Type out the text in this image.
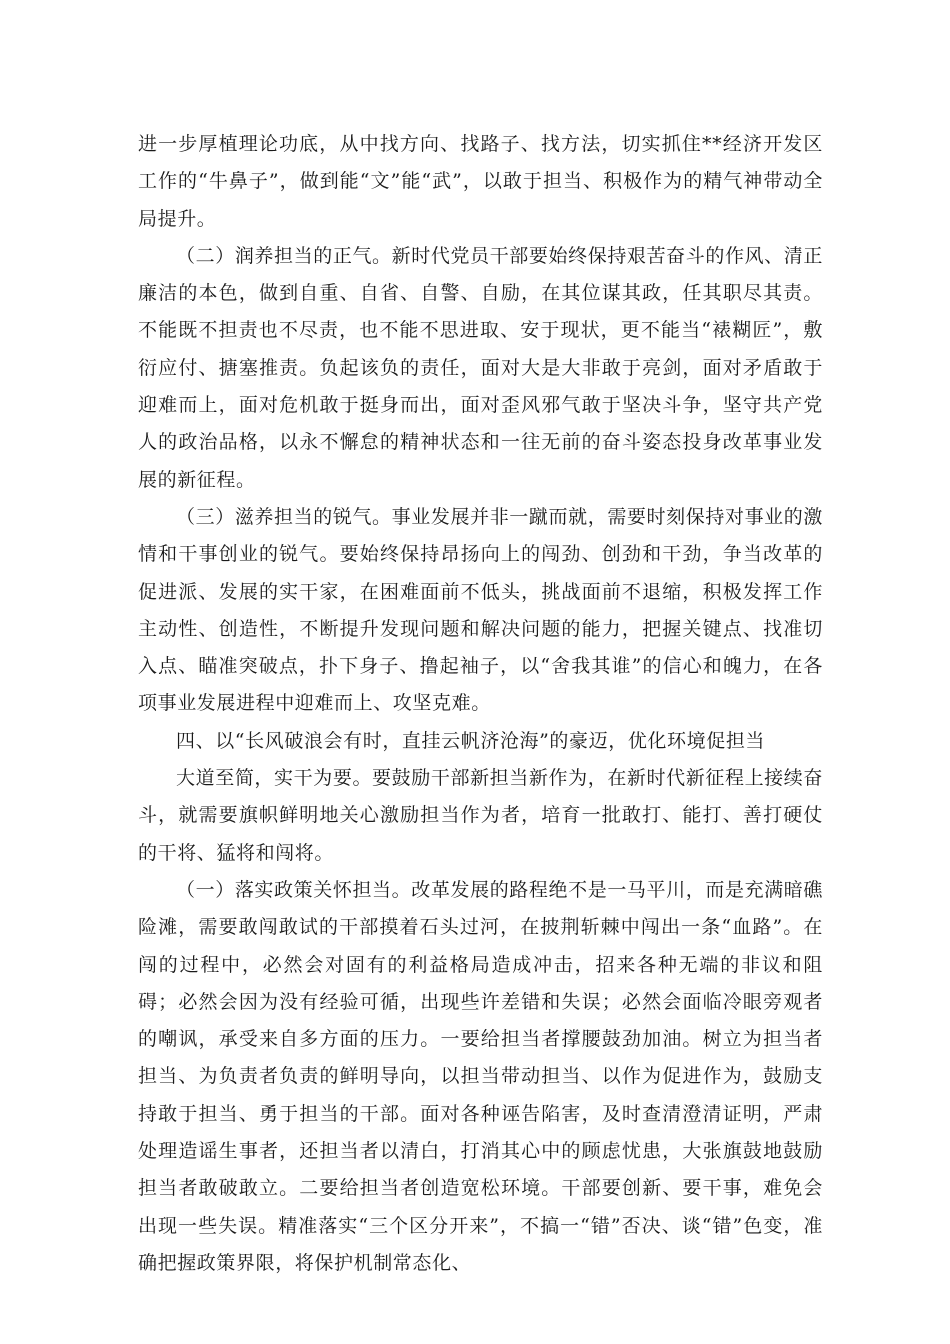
进一步厚植理论功底，从中找方向、找路子、找方法，切实抓住**经济开发区工作的“牛鼻子”，做到能“文”能“武”，以敢于担当、积极作为的精气神带动全局提升。

（二）润养担当的正气。新时代党员干部要始终保持艰苦奋斗的作风、清正廉洁的本色，做到自重、自省、自警、自励，在其位谋其政，任其职尽其责。不能既不担责也不尽责，也不能不思进取、安于现状，更不能当“裱糊匠”，敷衍应付、搪塞推责。负起该负的责任，面对大是大非敢于亮剑，面对矛盾敢于迎难而上，面对危机敢于挺身而出，面对歪风邪气敢于坚决斗争，坚守共产党人的政治品格，以永不懈怠的精神状态和一往无前的奋斗姿态投身改革事业发展的新征程。

（三）滋养担当的锐气。事业发展并非一蹴而就，需要时刻保持对事业的激情和干事创业的锐气。要始终保持昂扬向上的闯劲、创劲和干劲，争当改革的促进派、发展的实干家，在困难面前不低头，挑战面前不退缩，积极发挥工作主动性、创造性，不断提升发现问题和解决问题的能力，把握关键点、找准切入点、瞄准突破点，扑下身子、撸起袖子，以“舍我其谁”的信心和魄力，在各项事业发展进程中迎难而上、攻坚克难。

四、以“长风破浪会有时，直挂云帆济沧海”的豪迈，优化环境促担当

大道至简，实干为要。要鼓励干部新担当新作为，在新时代新征程上接续奋斗，就需要旗帜鲜明地关心激励担当作为者，培育一批敢打、能打、善打硬仗的干将、猛将和闯将。

（一）落实政策关怀担当。改革发展的路程绝不是一马平川，而是充满暗礁险滩，需要敢闯敢试的干部摸着石头过河，在披荆斩棘中闯出一条“血路”。在闯的过程中，必然会对固有的利益格局造成冲击，招来各种无端的非议和阻碍；必然会因为没有经验可循，出现些许差错和失误；必然会面临冷眼旁观者的嘲讽，承受来自多方面的压力。一要给担当者撑腰鼓劲加油。树立为担当者担当、为负责者负责的鲜明导向，以担当带动担当、以作为促进作为，鼓励支持敢于担当、勇于担当的干部。面对各种诬告陷害，及时查清澄清证明，严肃处理造谣生事者，还担当者以清白，打消其心中的顾虑忧患，大张旗鼓地鼓励担当者敢破敢立。二要给担当者创造宽松环境。干部要创新、要干事，难免会出现一些失误。精准落实“三个区分开来”，不搞一“错”否决、谈“错”色变，准确把握政策界限，将保护机制常态化、
